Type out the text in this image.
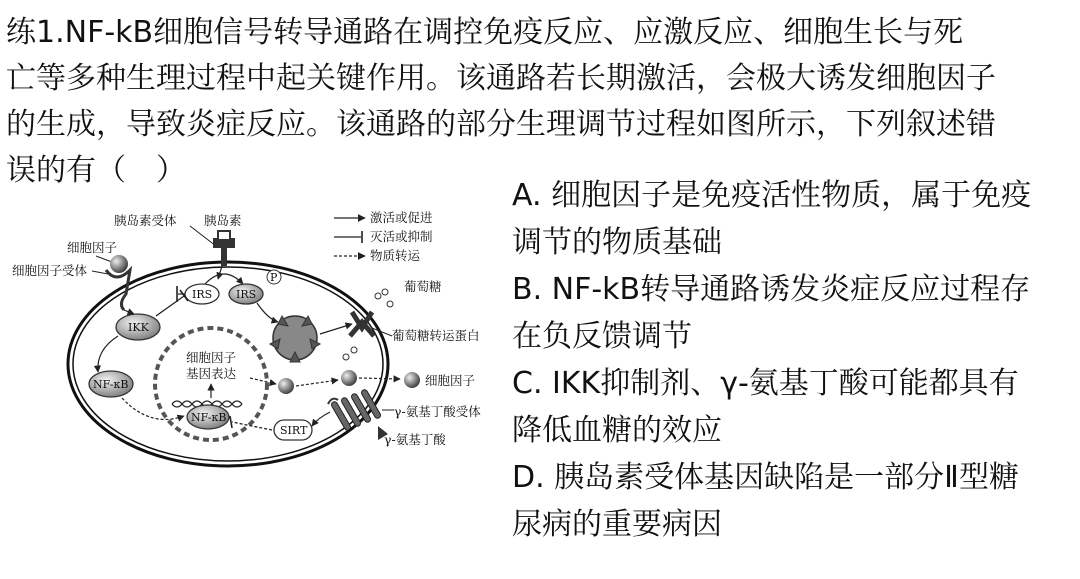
练1.NF-kB细胞信号转导通路在调控免疫反应、应激反应、细胞生长与死
亡等多种生理过程中起关键作用。该通路若长期激活，会极大诱发细胞因子
的生成，导致炎症反应。该通路的部分生理调节过程如图所示，下列叙述错
误的有（　）
A. 细胞因子是免疫活性物质，属于免疫
调节的物质基础
B. NF-kB转导通路诱发炎症反应过程存
在负反馈调节
C. IKK抑制剂、γ-氨基丁酸可能都具有
降低血糖的效应
D. 胰岛素受体基因缺陷是一部分Ⅱ型糖
尿病的重要病因
激活或促进
灭活或抑制
物质转运
胰岛素受体 胰岛素
细胞因子
细胞因子受体	P
IRS IRS
葡萄糖
葡萄糖转运蛋白
IKK
NF-κB
细胞因子
基因表达
NF-κB
细胞因子
SIRT
γ-氨基丁酸受体
γ-氨基丁酸
